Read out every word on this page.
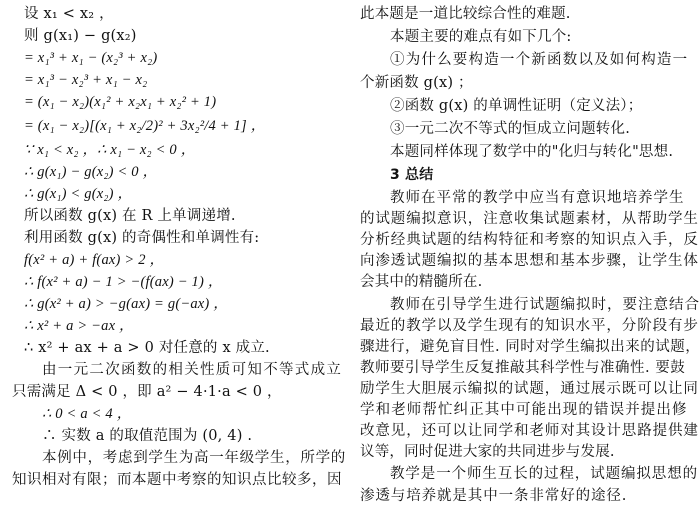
设 x₁ < x₂ ，
则 g(x₁) − g(x₂)
= x₁³ + x₁ − (x₂³ + x₂)
= x₁³ − x₂³ + x₁ − x₂
= (x₁ − x₂)(x₁² + x₂x₁ + x₂² + 1)
= (x₁ − x₂)[(x₁ + x₂/2)² + 3x₂²/4 + 1] ，
∵ x₁ < x₂ ，∴ x₁ − x₂ < 0 ，
∴ g(x₁) − g(x₂) < 0 ，
∴ g(x₁) < g(x₂) ，
所以函数 g(x) 在 R 上单调递增.
利用函数 g(x) 的奇偶性和单调性有:
f(x² + a) + f(ax) > 2 ，
∴ f(x² + a) − 1 > −(f(ax) − 1) ，
∴ g(x² + a) > −g(ax) = g(−ax) ，
∴ x² + a > −ax ，
∴ x² + ax + a > 0 对任意的 x 成立.
由一元二次函数的相关性质可知不等式成立
只需满足 Δ < 0 ，即 a² − 4·1·a < 0 ，
∴ 0 < a < 4 ，
∴ 实数 a 的取值范围为 (0, 4) .
本例中，考虑到学生为高一年级学生，所学的
知识相对有限；而本题中考察的知识点比较多，因
此本题是一道比较综合性的难题.
本题主要的难点有如下几个:
①为什么要构造一个新函数以及如何构造一
个新函数 g(x) ；
②函数 g(x) 的单调性证明（定义法）；
③一元二次不等式的恒成立问题转化.
本题同样体现了数学中的"化归与转化"思想.
3 总结
教师在平常的教学中应当有意识地培养学生
的试题编拟意识，注意收集试题素材，从帮助学生
分析经典试题的结构特征和考察的知识点入手，反
向渗透试题编拟的基本思想和基本步骤，让学生体
会其中的精髓所在.
教师在引导学生进行试题编拟时，要注意结合
最近的教学以及学生现有的知识水平，分阶段有步
骤进行，避免盲目性. 同时对学生编拟出来的试题，
教师要引导学生反复推敲其科学性与准确性. 要鼓
励学生大胆展示编拟的试题，通过展示既可以让同
学和老师帮忙纠正其中可能出现的错误并提出修
改意见，还可以让同学和老师对其设计思路提供建
议等，同时促进大家的共同进步与发展.
教学是一个师生互长的过程，试题编拟思想的
渗透与培养就是其中一条非常好的途径.
